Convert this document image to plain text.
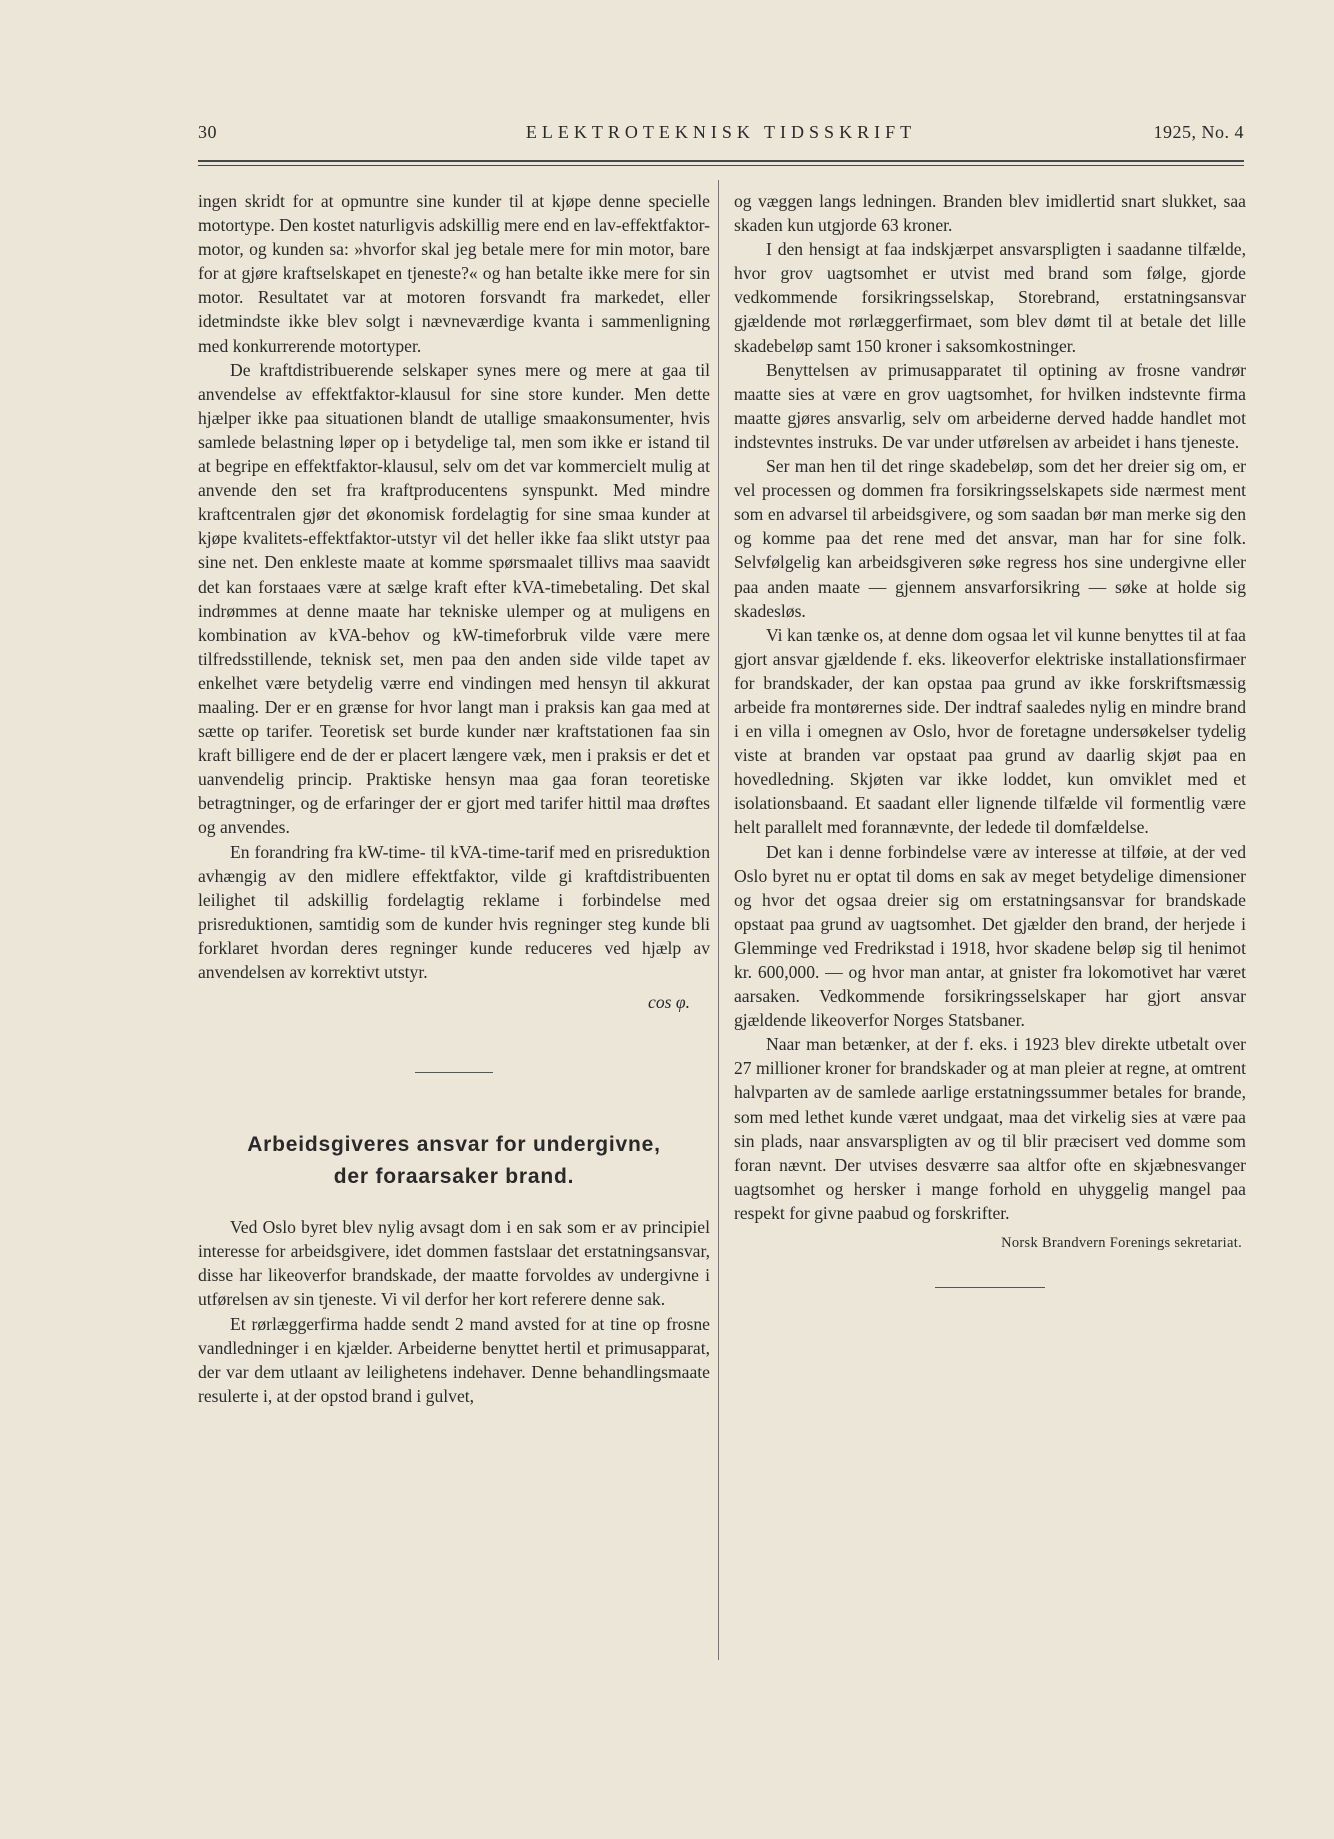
30	ELEKTROTEKNISK TIDSSKRIFT	1925, No. 4

ingen skridt for at opmuntre sine kunder til at kjøpe denne specielle motortype. Den kostet naturligvis adskillig mere end en lav-effektfaktor-motor, og kunden sa: »hvorfor skal jeg betale mere for min motor, bare for at gjøre kraftselskapet en tjeneste?« og han betalte ikke mere for sin motor. Resultatet var at motoren forsvandt fra markedet, eller idetmindste ikke blev solgt i nævneværdige kvanta i sammenligning med konkurrerende motortyper.

De kraftdistribuerende selskaper synes mere og mere at gaa til anvendelse av effektfaktor-klausul for sine store kunder. Men dette hjælper ikke paa situationen blandt de utallige smaakonsumenter, hvis samlede belastning løper op i betydelige tal, men som ikke er istand til at begripe en effektfaktor-klausul, selv om det var kommercielt mulig at anvende den set fra kraftproducentens synspunkt. Med mindre kraftcentralen gjør det økonomisk fordelagtig for sine smaa kunder at kjøpe kvalitets-effektfaktor-utstyr vil det heller ikke faa slikt utstyr paa sine net. Den enkleste maate at komme spørsmaalet tillivs maa saavidt det kan forstaaes være at sælge kraft efter kVA-timebetaling. Det skal indrømmes at denne maate har tekniske ulemper og at muligens en kombination av kVA-behov og kW-timeforbruk vilde være mere tilfredsstillende, teknisk set, men paa den anden side vilde tapet av enkelhet være betydelig værre end vindingen med hensyn til akkurat maaling. Der er en grænse for hvor langt man i praksis kan gaa med at sætte op tarifer. Teoretisk set burde kunder nær kraftstationen faa sin kraft billigere end de der er placert længere væk, men i praksis er det et uanvendelig princip. Praktiske hensyn maa gaa foran teoretiske betragtninger, og de erfaringer der er gjort med tarifer hittil maa drøftes og anvendes.

En forandring fra kW-time- til kVA-time-tarif med en prisreduktion avhængig av den midlere effektfaktor, vilde gi kraftdistribuenten leilighet til adskillig fordelagtig reklame i forbindelse med prisreduktionen, samtidig som de kunder hvis regninger steg kunde bli forklaret hvordan deres regninger kunde reduceres ved hjælp av anvendelsen av korrektivt utstyr.

cos φ.

Arbeidsgiveres ansvar for undergivne,
der foraarsaker brand.

Ved Oslo byret blev nylig avsagt dom i en sak som er av principiel interesse for arbeidsgivere, idet dommen fastslaar det erstatningsansvar, disse har likeoverfor brandskade, der maatte forvoldes av undergivne i utførelsen av sin tjeneste. Vi vil derfor her kort referere denne sak.

Et rørlæggerfirma hadde sendt 2 mand avsted for at tine op frosne vandledninger i en kjælder. Arbeiderne benyttet hertil et primusapparat, der var dem utlaant av leilighetens indehaver. Denne behandlingsmaate resulerte i, at der opstod brand i gulvet,

og væggen langs ledningen. Branden blev imidlertid snart slukket, saa skaden kun utgjorde 63 kroner.

I den hensigt at faa indskjærpet ansvarspligten i saadanne tilfælde, hvor grov uagtsomhet er utvist med brand som følge, gjorde vedkommende forsikringsselskap, Storebrand, erstatningsansvar gjældende mot rørlæggerfirmaet, som blev dømt til at betale det lille skadebeløp samt 150 kroner i saksomkostninger.

Benyttelsen av primusapparatet til optining av frosne vandrør maatte sies at være en grov uagtsomhet, for hvilken indstevnte firma maatte gjøres ansvarlig, selv om arbeiderne derved hadde handlet mot indstevntes instruks. De var under utførelsen av arbeidet i hans tjeneste.

Ser man hen til det ringe skadebeløp, som det her dreier sig om, er vel processen og dommen fra forsikringsselskapets side nærmest ment som en advarsel til arbeidsgivere, og som saadan bør man merke sig den og komme paa det rene med det ansvar, man har for sine folk. Selvfølgelig kan arbeidsgiveren søke regress hos sine undergivne eller paa anden maate — gjennem ansvarforsikring — søke at holde sig skadesløs.

Vi kan tænke os, at denne dom ogsaa let vil kunne benyttes til at faa gjort ansvar gjældende f. eks. likeoverfor elektriske installationsfirmaer for brandskader, der kan opstaa paa grund av ikke forskriftsmæssig arbeide fra montørernes side. Der indtraf saaledes nylig en mindre brand i en villa i omegnen av Oslo, hvor de foretagne undersøkelser tydelig viste at branden var opstaat paa grund av daarlig skjøt paa en hovedledning. Skjøten var ikke loddet, kun omviklet med et isolationsbaand. Et saadant eller lignende tilfælde vil formentlig være helt parallelt med forannævnte, der ledede til domfældelse.

Det kan i denne forbindelse være av interesse at tilføie, at der ved Oslo byret nu er optat til doms en sak av meget betydelige dimensioner og hvor det ogsaa dreier sig om erstatningsansvar for brandskade opstaat paa grund av uagtsomhet. Det gjælder den brand, der herjede i Glemminge ved Fredrikstad i 1918, hvor skadene beløp sig til henimot kr. 600,000. — og hvor man antar, at gnister fra lokomotivet har været aarsaken. Vedkommende forsikringsselskaper har gjort ansvar gjældende likeoverfor Norges Statsbaner.

Naar man betænker, at der f. eks. i 1923 blev direkte utbetalt over 27 millioner kroner for brandskader og at man pleier at regne, at omtrent halvparten av de samlede aarlige erstatningssummer betales for brande, som med lethet kunde været undgaat, maa det virkelig sies at være paa sin plads, naar ansvarspligten av og til blir præcisert ved domme som foran nævnt. Der utvises desværre saa altfor ofte en skjæbnesvanger uagtsomhet og hersker i mange forhold en uhyggelig mangel paa respekt for givne paabud og forskrifter.

Norsk Brandvern Forenings sekretariat.
